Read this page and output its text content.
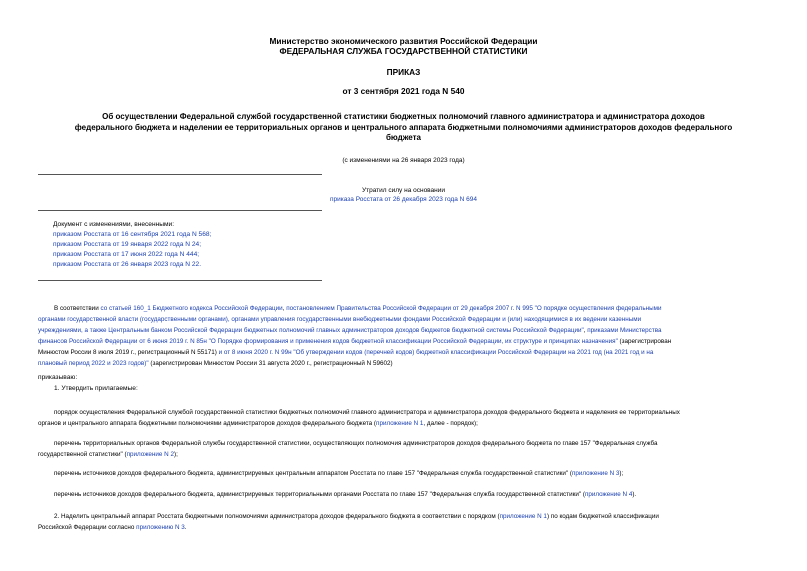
Министерство экономического развития Российской Федерации
ФЕДЕРАЛЬНАЯ СЛУЖБА ГОСУДАРСТВЕННОЙ СТАТИСТИКИ
ПРИКАЗ
от 3 сентября 2021 года N 540
Об осуществлении Федеральной службой государственной статистики бюджетных полномочий главного администратора и администратора доходов
федерального бюджета и наделении ее территориальных органов и центрального аппарата бюджетными полномочиями администраторов доходов федерального
бюджета
(с изменениями на 26 января 2023 года)
Утратил силу на основании
приказа Росстата от 26 декабря 2023 года N 694
Документ с изменениями, внесенными:
приказом Росстата от 16 сентября 2021 года N 568;
приказом Росстата от 19 января 2022 года N 24;
приказом Росстата от 17 июня 2022 года N 444;
приказом Росстата от 26 января 2023 года N 22.
В соответствии со статьей 160_1 Бюджетного кодекса Российской Федерации, постановлением Правительства Российской Федерации от 29 декабря 2007 г. N 995 "О порядке осуществления федеральными
органами государственной власти (государственными органами), органами управления государственными внебюджетными фондами Российской Федерации и (или) находящимися в их ведении казенными
учреждениями, а также Центральным банком Российской Федерации бюджетных полномочий главных администраторов доходов бюджетов бюджетной системы Российской Федерации", приказами Министерства
финансов Российской Федерации от 6 июня 2019 г. N 85н "О Порядке формирования и применения кодов бюджетной классификации Российской Федерации, их структуре и принципах назначения" (зарегистрирован
Минюстом России 8 июля 2019 г., регистрационный N 55171) и от 8 июня 2020 г. N 99н "Об утверждении кодов (перечней кодов) бюджетной классификации Российской Федерации на 2021 год (на 2021 год и на
плановый период 2022 и 2023 годов)" (зарегистрирован Минюстом России 31 августа 2020 г., регистрационный N 59602)
приказываю:
1. Утвердить прилагаемые:
порядок осуществления Федеральной службой государственной статистики бюджетных полномочий главного администратора и администратора доходов федерального бюджета и наделения ее территориальных
органов и центрального аппарата бюджетными полномочиями администраторов доходов федерального бюджета (приложение N 1, далее - порядок);
перечень территориальных органов Федеральной службы государственной статистики, осуществляющих полномочия администраторов доходов федерального бюджета по главе 157 "Федеральная служба
государственной статистики" (приложение N 2);
перечень источников доходов федерального бюджета, администрируемых центральным аппаратом Росстата по главе 157 "Федеральная служба государственной статистики" (приложение N 3);
перечень источников доходов федерального бюджета, администрируемых территориальными органами Росстата по главе 157 "Федеральная служба государственной статистики" (приложение N 4).
2. Наделить центральный аппарат Росстата бюджетными полномочиями администратора доходов федерального бюджета в соответствии с порядком (приложение N 1) по кодам бюджетной классификации
Российской Федерации согласно приложению N 3.
